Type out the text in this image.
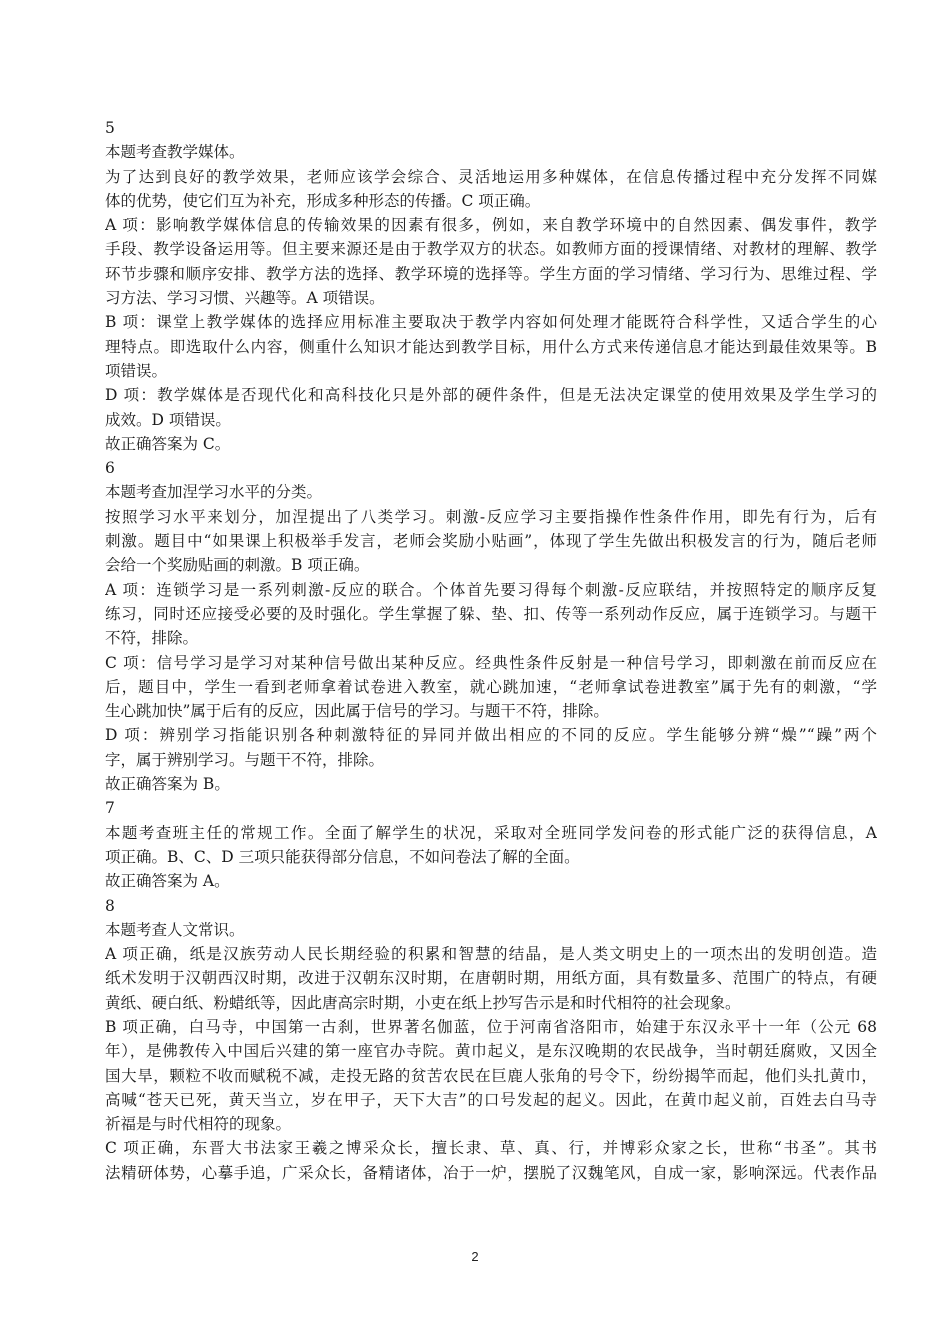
5
本题考查教学媒体。
为了达到良好的教学效果，老师应该学会综合、灵活地运用多种媒体，在信息传播过程中充分发挥不同媒
体的优势，使它们互为补充，形成多种形态的传播。C 项正确。
A 项：影响教学媒体信息的传输效果的因素有很多，例如，来自教学环境中的自然因素、偶发事件，教学
手段、教学设备运用等。但主要来源还是由于教学双方的状态。如教师方面的授课情绪、对教材的理解、教学
环节步骤和顺序安排、教学方法的选择、教学环境的选择等。学生方面的学习情绪、学习行为、思维过程、学
习方法、学习习惯、兴趣等。A 项错误。
B 项：课堂上教学媒体的选择应用标准主要取决于教学内容如何处理才能既符合科学性，又适合学生的心
理特点。即选取什么内容，侧重什么知识才能达到教学目标，用什么方式来传递信息才能达到最佳效果等。B
项错误。
D 项：教学媒体是否现代化和高科技化只是外部的硬件条件，但是无法决定课堂的使用效果及学生学习的
成效。D 项错误。
故正确答案为 C。
6
本题考查加涅学习水平的分类。
按照学习水平来划分，加涅提出了八类学习。刺激-反应学习主要指操作性条件作用，即先有行为，后有
刺激。题目中“如果课上积极举手发言，老师会奖励小贴画”，体现了学生先做出积极发言的行为，随后老师
会给一个奖励贴画的刺激。B 项正确。
A 项：连锁学习是一系列刺激-反应的联合。个体首先要习得每个刺激-反应联结，并按照特定的顺序反复
练习，同时还应接受必要的及时强化。学生掌握了躲、垫、扣、传等一系列动作反应，属于连锁学习。与题干
不符，排除。
C 项：信号学习是学习对某种信号做出某种反应。经典性条件反射是一种信号学习，即刺激在前而反应在
后，题目中，学生一看到老师拿着试卷进入教室，就心跳加速，“老师拿试卷进教室”属于先有的刺激，“学
生心跳加快”属于后有的反应，因此属于信号的学习。与题干不符，排除。
D 项：辨别学习指能识别各种刺激特征的异同并做出相应的不同的反应。学生能够分辨“燥”“躁”两个
字，属于辨别学习。与题干不符，排除。
故正确答案为 B。
7
本题考查班主任的常规工作。全面了解学生的状况，采取对全班同学发问卷的形式能广泛的获得信息，A
项正确。B、C、D 三项只能获得部分信息，不如问卷法了解的全面。
故正确答案为 A。
8
本题考查人文常识。
A 项正确，纸是汉族劳动人民长期经验的积累和智慧的结晶，是人类文明史上的一项杰出的发明创造。造
纸术发明于汉朝西汉时期，改进于汉朝东汉时期，在唐朝时期，用纸方面，具有数量多、范围广的特点，有硬
黄纸、硬白纸、粉蜡纸等，因此唐高宗时期，小吏在纸上抄写告示是和时代相符的社会现象。
B 项正确，白马寺，中国第一古刹，世界著名伽蓝，位于河南省洛阳市，始建于东汉永平十一年（公元 68
年），是佛教传入中国后兴建的第一座官办寺院。黄巾起义，是东汉晚期的农民战争，当时朝廷腐败，又因全
国大旱，颗粒不收而赋税不减，走投无路的贫苦农民在巨鹿人张角的号令下，纷纷揭竿而起，他们头扎黄巾，
高喊“苍天已死，黄天当立，岁在甲子，天下大吉”的口号发起的起义。因此，在黄巾起义前，百姓去白马寺
祈福是与时代相符的现象。
C 项正确，东晋大书法家王羲之博采众长，擅长隶、草、真、行，并博彩众家之长，世称“书圣”。其书
法精研体势，心摹手追，广采众长，备精诸体，冶于一炉，摆脱了汉魏笔风，自成一家，影响深远。代表作品
2
